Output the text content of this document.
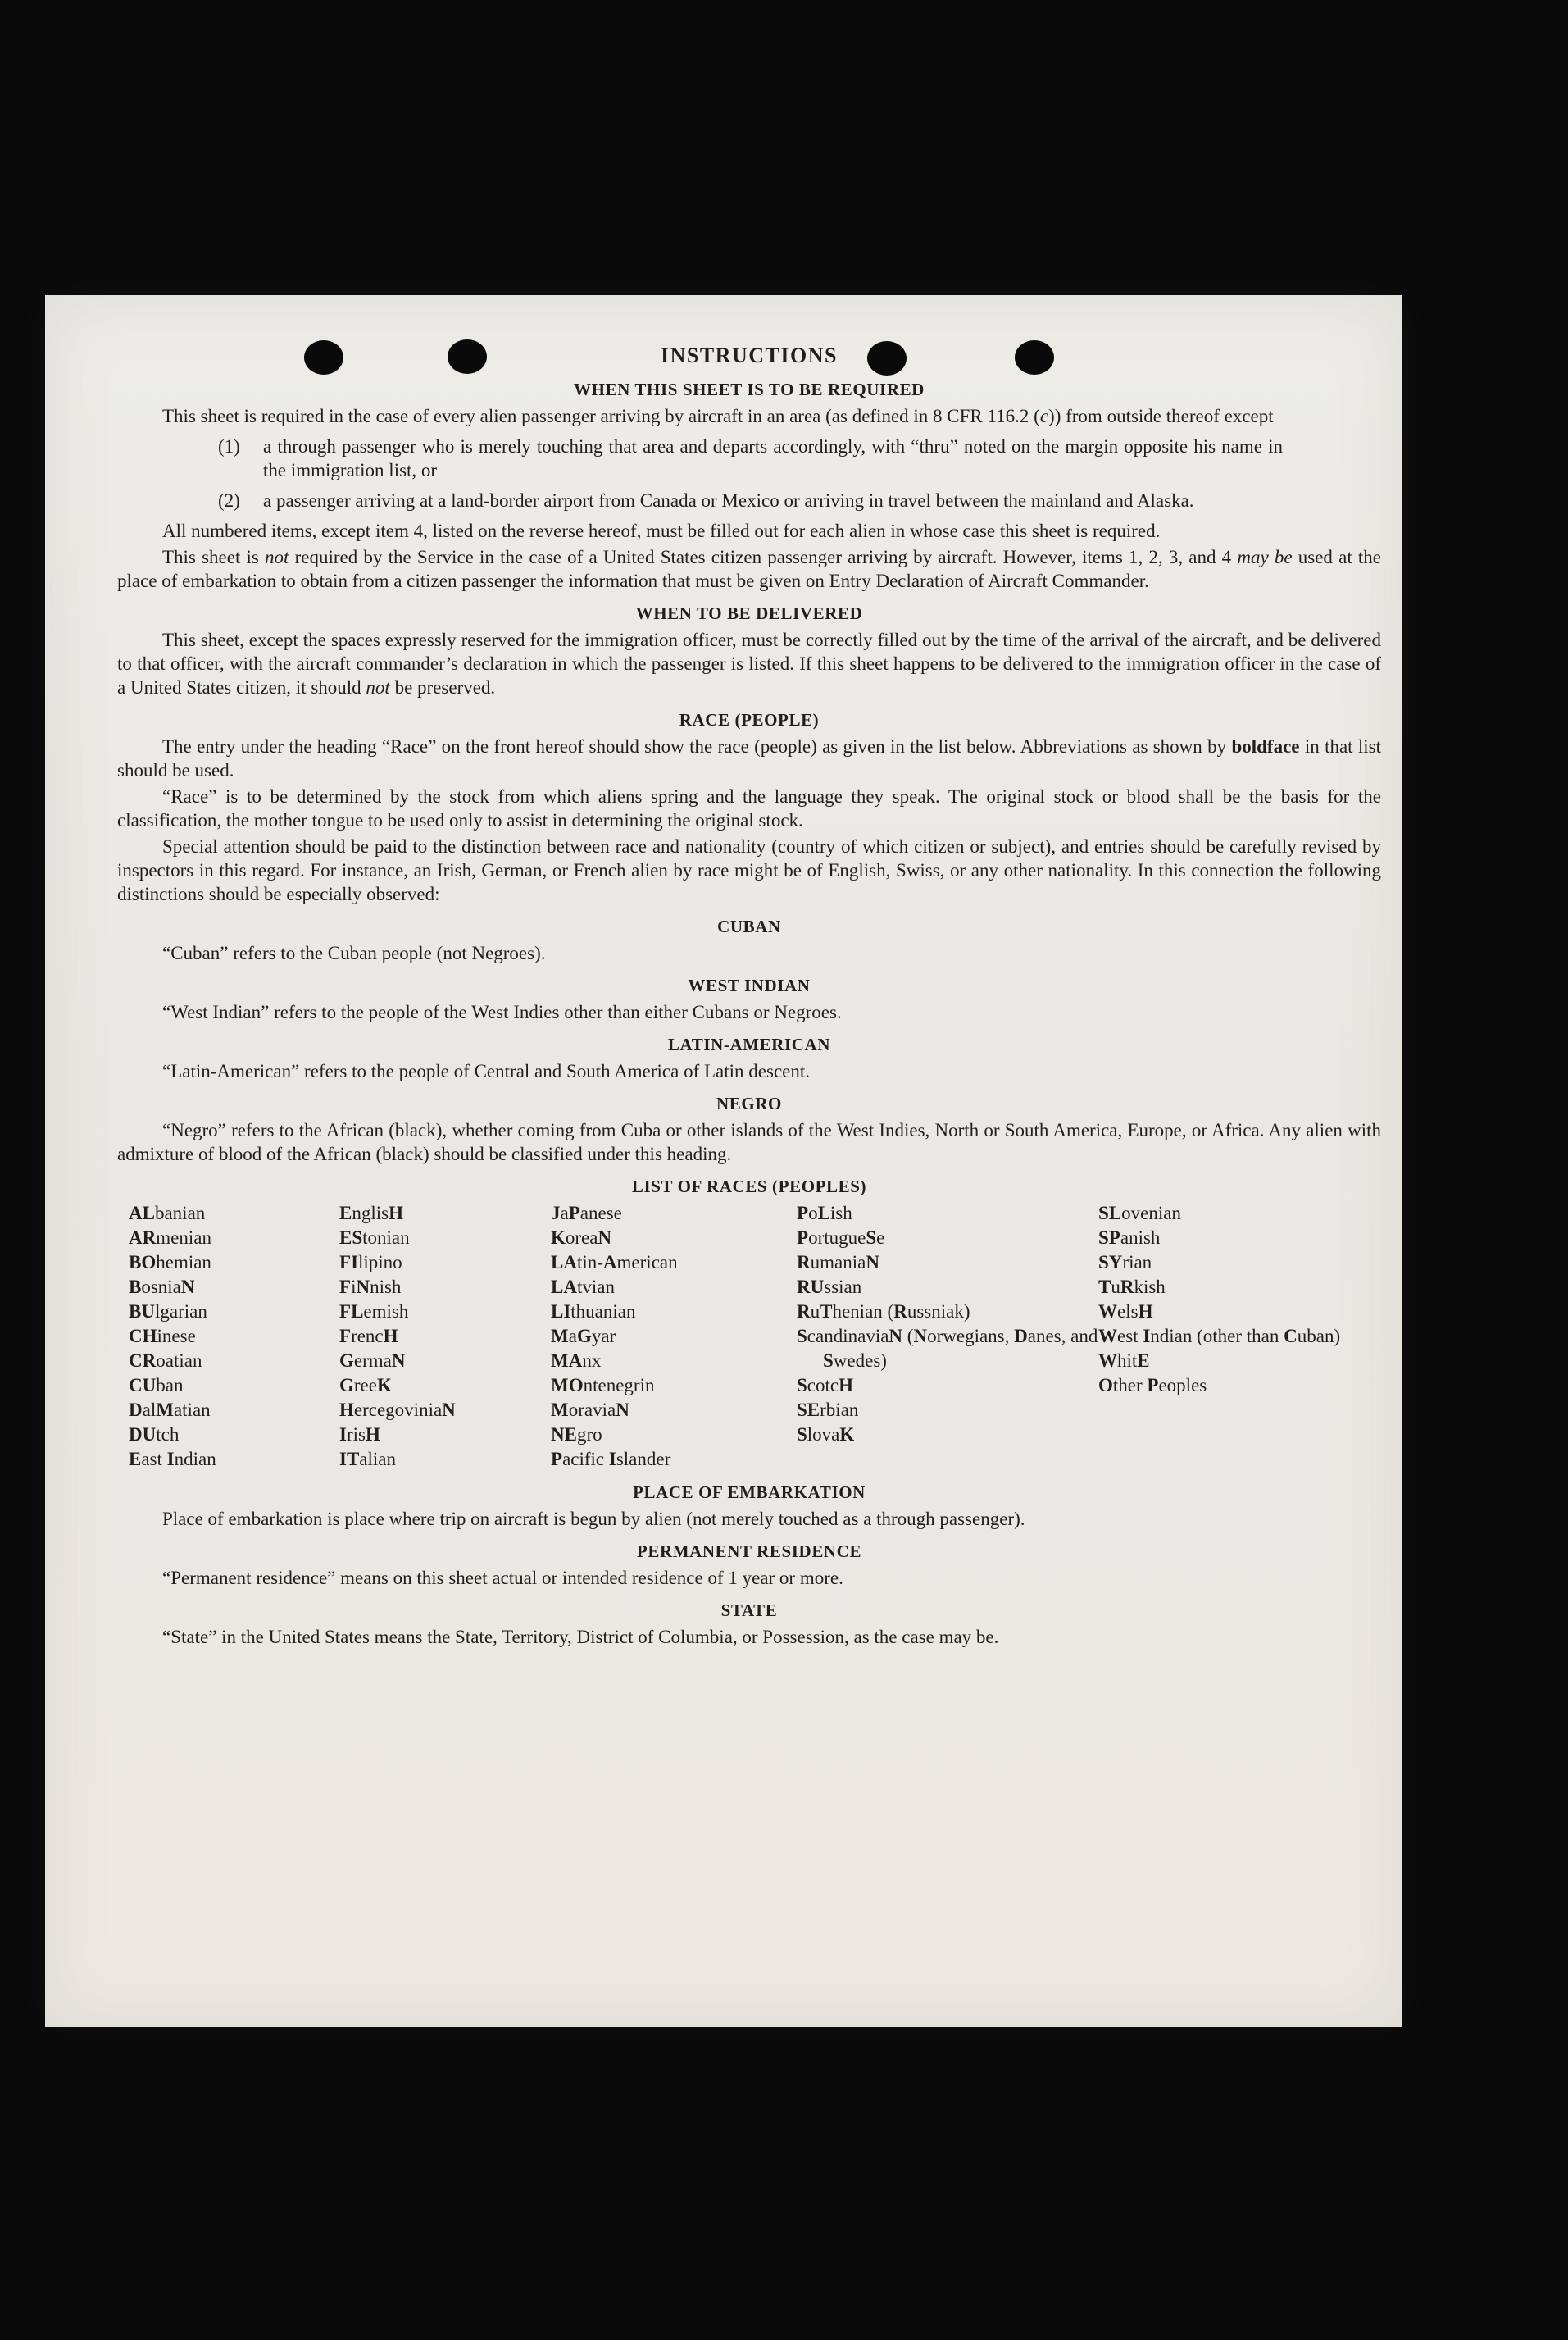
INSTRUCTIONS
WHEN THIS SHEET IS TO BE REQUIRED

This sheet is required in the case of every alien passenger arriving by aircraft in an area (as defined in 8 CFR 116.2 (c)) from outside thereof except

(1)	a through passenger who is merely touching that area and departs accordingly, with “thru” noted on the margin opposite his name in the immigration list, or
(2)	a passenger arriving at a land-border airport from Canada or Mexico or arriving in travel between the mainland and Alaska.

All numbered items, except item 4, listed on the reverse hereof, must be filled out for each alien in whose case this sheet is required.

This sheet is not required by the Service in the case of a United States citizen passenger arriving by aircraft. However, items 1, 2, 3, and 4 may be used at the place of embarkation to obtain from a citizen passenger the information that must be given on Entry Declaration of Aircraft Commander.

WHEN TO BE DELIVERED

This sheet, except the spaces expressly reserved for the immigration officer, must be correctly filled out by the time of the arrival of the aircraft, and be delivered to that officer, with the aircraft commander’s declaration in which the passenger is listed. If this sheet happens to be delivered to the immigration officer in the case of a United States citizen, it should not be preserved.

RACE (PEOPLE)

The entry under the heading “Race” on the front hereof should show the race (people) as given in the list below. Abbreviations as shown by boldface in that list should be used.

“Race” is to be determined by the stock from which aliens spring and the language they speak. The original stock or blood shall be the basis for the classification, the mother tongue to be used only to assist in determining the original stock.

Special attention should be paid to the distinction between race and nationality (country of which citizen or subject), and entries should be carefully revised by inspectors in this regard. For instance, an Irish, German, or French alien by race might be of English, Swiss, or any other nationality. In this connection the following distinctions should be especially observed:

CUBAN

“Cuban” refers to the Cuban people (not Negroes).

WEST INDIAN

“West Indian” refers to the people of the West Indies other than either Cubans or Negroes.

LATIN-AMERICAN

“Latin-American” refers to the people of Central and South America of Latin descent.

NEGRO

“Negro” refers to the African (black), whether coming from Cuba or other islands of the West Indies, North or South America, Europe, or Africa. Any alien with admixture of blood of the African (black) should be classified under this heading.

LIST OF RACES (PEOPLES)
ALbanian
ARmenian
BOhemian
BosniaN
BUlgarian
CHinese
CRoatian
CUban
DalMatian
DUtch
East Indian
EnglisH
EStonian
FIlipino
FiNnish
FLemish
FrencH
GermaN
GreeK
HercegoviniaN
IrisH
ITalian
JaPanese
KoreaN
LAtin-American
LAtvian
LIthuanian
MaGyar
MAnx
MOntenegrin
MoraviaN
NEgro
Pacific Islander
PoLish
PortugueSe
RumaniaN
RUssian
RuThenian (Russniak)
ScandinaviaN (Norwegians, Danes, and Swedes)
ScotcH
SErbian
SlovaK
SLovenian
SPanish
SYrian
TuRkish
WelsH
West Indian (other than Cuban)
WhitE
Other Peoples
PLACE OF EMBARKATION

Place of embarkation is place where trip on aircraft is begun by alien (not merely touched as a through passenger).

PERMANENT RESIDENCE

“Permanent residence” means on this sheet actual or intended residence of 1 year or more.

STATE

“State” in the United States means the State, Territory, District of Columbia, or Possession, as the case may be.
